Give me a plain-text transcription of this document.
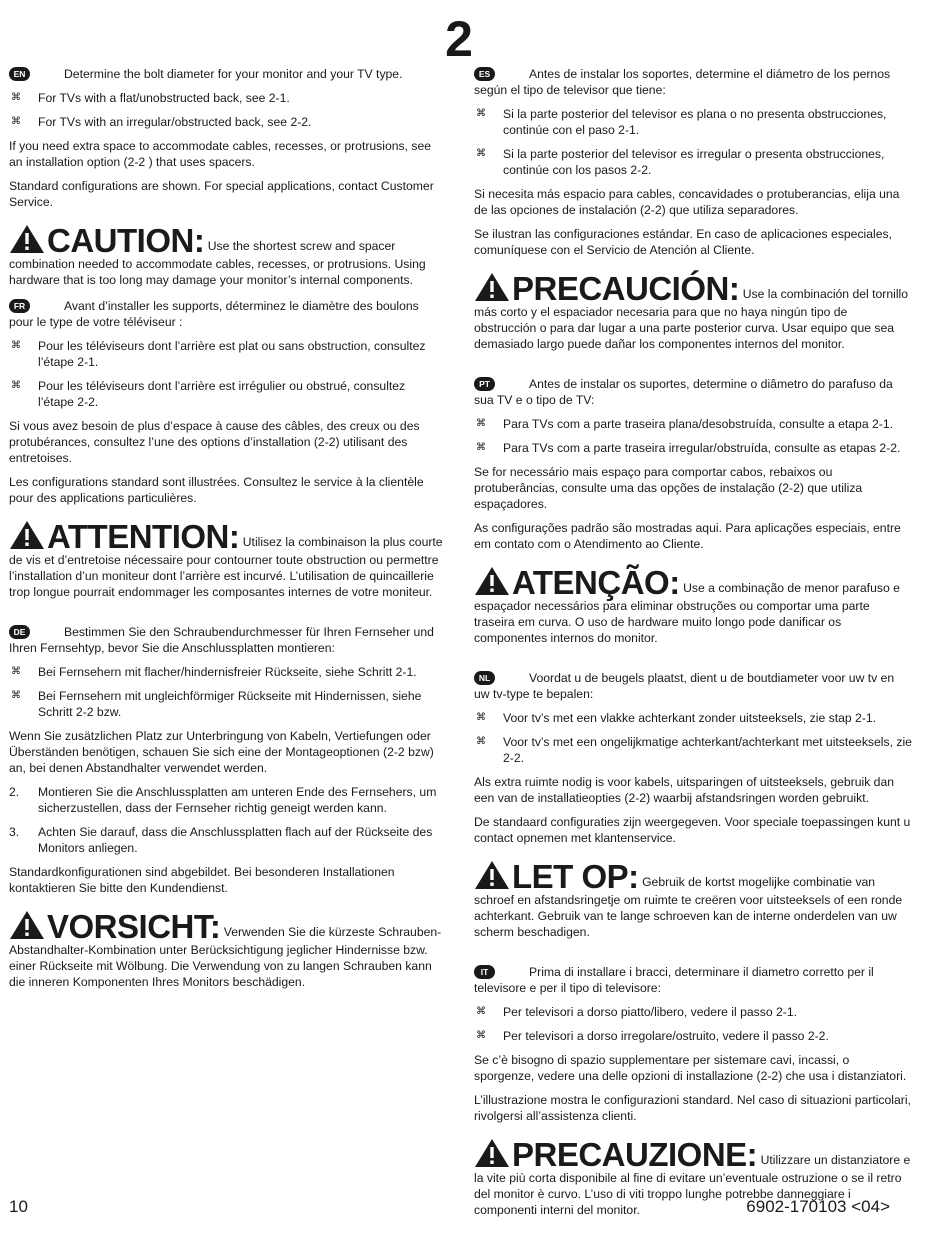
2

EN	Determine the bolt diameter for your monitor and your TV type.

⌘ For TVs with a flat/unobstructed back, see 2-1.
⌘ For TVs with an irregular/obstructed back, see 2-2.

If you need extra space to accommodate cables, recesses, or protrusions, see an installation option (2-2 ) that uses spacers.

Standard configurations are shown. For special applications, contact Customer Service.

CAUTION: Use the shortest screw and spacer combination needed to accommodate cables, recesses, or protrusions. Using hardware that is too long may damage your monitor’s internal components.

FR	Avant d’installer les supports, déterminez le diamètre des boulons pour le type de votre téléviseur :

⌘ Pour les téléviseurs dont l’arrière est plat ou sans obstruction, consultez l’étape 2-1.
⌘ Pour les téléviseurs dont l’arrière est irrégulier ou obstrué, consultez l’étape 2-2.

Si vous avez besoin de plus d’espace à cause des câbles, des creux ou des protubérances, consultez l’une des options d’installation (2-2) utilisant des entretoises.

Les configurations standard sont illustrées. Consultez le service à la clientèle pour des applications particulières.

ATTENTION: Utilisez la combinaison la plus courte de vis et d’entretoise nécessaire pour contourner toute obstruction ou permettre l’installation d’un moniteur dont l’arrière est incurvé. L’utilisation de quincaillerie trop longue pourrait endommager les composantes internes de votre moniteur.

DE	Bestimmen Sie den Schraubendurchmesser für Ihren Fernseher und Ihren Fernsehtyp, bevor Sie die Anschlussplatten montieren:

⌘ Bei Fernsehern mit flacher/hindernisfreier Rückseite, siehe Schritt 2-1.
⌘ Bei Fernsehern mit ungleichförmiger Rückseite mit Hindernissen, siehe Schritt 2-2 bzw.

Wenn Sie zusätzlichen Platz zur Unterbringung von Kabeln, Vertiefungen oder Überständen benötigen, schauen Sie sich eine der Montageoptionen (2-2 bzw) an, bei denen Abstandhalter verwendet werden.

2. Montieren Sie die Anschlussplatten am unteren Ende des Fernsehers, um sicherzustellen, dass der Fernseher richtig geneigt werden kann.
3. Achten Sie darauf, dass die Anschlussplatten flach auf der Rückseite des Monitors anliegen.

Standardkonfigurationen sind abgebildet. Bei besonderen Installationen kontaktieren Sie bitte den Kundendienst.

VORSICHT: Verwenden Sie die kürzeste Schrauben-Abstandhalter-Kombination unter Berücksichtigung jeglicher Hindernisse bzw. einer Rückseite mit Wölbung. Die Verwendung von zu langen Schrauben kann die inneren Komponenten Ihres Monitors beschädigen.

ES	Antes de instalar los soportes, determine el diámetro de los pernos según el tipo de televisor que tiene:

⌘ Si la parte posterior del televisor es plana o no presenta obstrucciones, continúe con el paso 2-1.
⌘ Si la parte posterior del televisor es irregular o presenta obstrucciones, continúe con los pasos 2-2.

Si necesita más espacio para cables, concavidades o protuberancias, elija una de las opciones de instalación (2-2) que utiliza separadores.

Se ilustran las configuraciones estándar. En caso de aplicaciones especiales, comuníquese con el Servicio de Atención al Cliente.

PRECAUCIÓN: Use la combinación del tornillo más corto y el espaciador necesaria para que no haya ningún tipo de obstrucción o para dar lugar a una parte posterior curva. Usar equipo que sea demasiado largo puede dañar los componentes internos del monitor.

PT	Antes de instalar os suportes, determine o diâmetro do parafuso da sua TV e o tipo de TV:

⌘ Para TVs com a parte traseira plana/desobstruída, consulte a etapa 2-1.
⌘ Para TVs com a parte traseira irregular/obstruída, consulte as etapas 2-2.

Se for necessário mais espaço para comportar cabos, rebaixos ou protuberâncias, consulte uma das opções de instalação (2-2) que utiliza espaçadores.

As configurações padrão são mostradas aqui. Para aplicações especiais, entre em contato com o Atendimento ao Cliente.

ATENÇÃO: Use a combinação de menor parafuso e espaçador necessários para eliminar obstruções ou comportar uma parte traseira em curva. O uso de hardware muito longo pode danificar os componentes internos do monitor.

NL	Voordat u de beugels plaatst, dient u de boutdiameter voor uw tv en uw tv-type te bepalen:

⌘ Voor tv’s met een vlakke achterkant zonder uitsteeksels, zie stap 2-1.
⌘ Voor tv’s met een ongelijkmatige achterkant/achterkant met uitsteeksels, zie 2-2.

Als extra ruimte nodig is voor kabels, uitsparingen of uitsteeksels, gebruik dan een van de installatieopties (2-2) waarbij afstandsringen worden gebruikt.

De standaard configuraties zijn weergegeven. Voor speciale toepassingen kunt u contact opnemen met klantenservice.

LET OP: Gebruik de kortst mogelijke combinatie van schroef en afstandsringetje om ruimte te creëren voor uitsteeksels of een ronde achterkant. Gebruik van te lange schroeven kan de interne onderdelen van uw scherm beschadigen.

IT	Prima di installare i bracci, determinare il diametro corretto per il televisore e per il tipo di televisore:

⌘ Per televisori a dorso piatto/libero, vedere il passo 2-1.
⌘ Per televisori a dorso irregolare/ostruito, vedere il passo 2-2.

Se c’è bisogno di spazio supplementare per sistemare cavi, incassi, o sporgenze, vedere una delle opzioni di installazione (2-2) che usa i distanziatori.

L’illustrazione mostra le configurazioni standard. Nel caso di situazioni particolari, rivolgersi all’assistenza clienti.

PRECAUZIONE: Utilizzare un distanziatore e la vite più corta disponibile al fine di evitare un’eventuale ostruzione o se il retro del monitor è curvo. L’uso di viti troppo lunghe potrebbe danneggiare i componenti interni del monitor.
10	6902-170103 <04>
